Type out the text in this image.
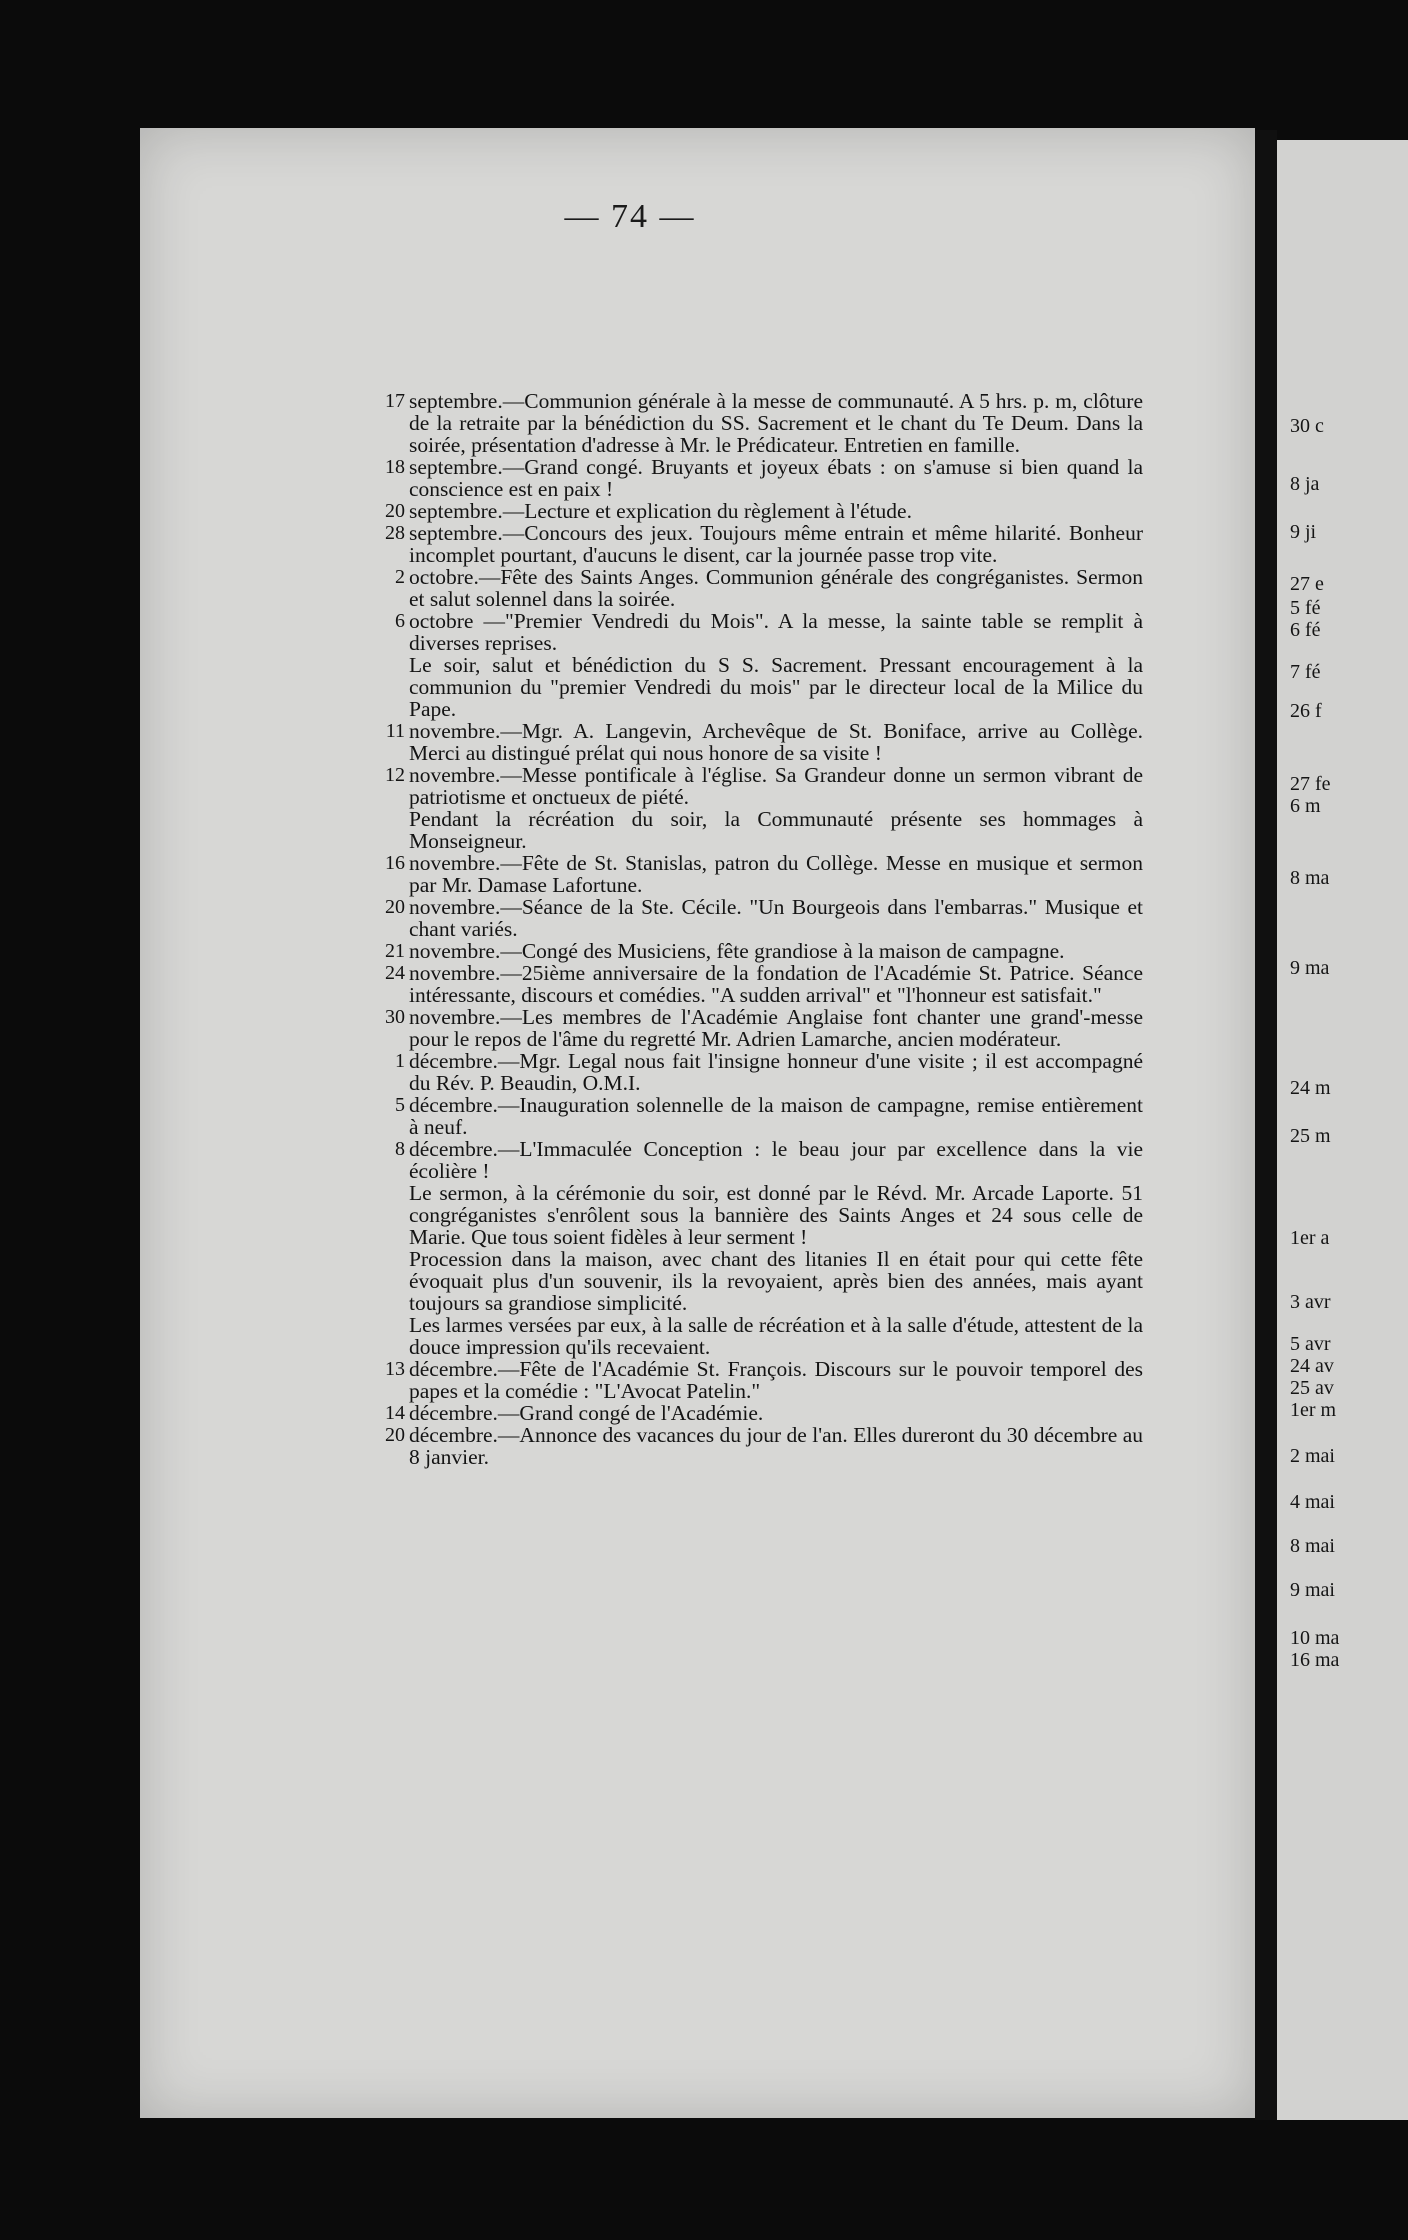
— 74 —
17 septembre.—Communion générale à la messe de communauté. A 5 hrs. p. m, clôture de la retraite par la bénédiction du SS. Sacrement et le chant du Te Deum. Dans la soirée, présentation d'adresse à Mr. le Prédicateur. Entretien en famille.

18 septembre.—Grand congé. Bruyants et joyeux ébats : on s'amuse si bien quand la conscience est en paix !

20 septembre.—Lecture et explication du règlement à l'étude.

28 septembre.—Concours des jeux. Toujours même entrain et même hilarité. Bonheur incomplet pourtant, d'aucuns le disent, car la journée passe trop vite.

2 octobre.—Fête des Saints Anges. Communion générale des congréganistes. Sermon et salut solennel dans la soirée.

6 octobre —"Premier Vendredi du Mois". A la messe, la sainte table se remplit à diverses reprises.

Le soir, salut et bénédiction du S S. Sacrement. Pressant encouragement à la communion du "premier Vendredi du mois" par le directeur local de la Milice du Pape.

11 novembre.—Mgr. A. Langevin, Archevêque de St. Boniface, arrive au Collège. Merci au distingué prélat qui nous honore de sa visite !

12 novembre.—Messe pontificale à l'église. Sa Grandeur donne un sermon vibrant de patriotisme et onctueux de piété.

Pendant la récréation du soir, la Communauté présente ses hommages à Monseigneur.

16 novembre.—Fête de St. Stanislas, patron du Collège. Messe en musique et sermon par Mr. Damase Lafortune.

20 novembre.—Séance de la Ste. Cécile. "Un Bourgeois dans l'embarras." Musique et chant variés.

21 novembre.—Congé des Musiciens, fête grandiose à la maison de campagne.

24 novembre.—25ième anniversaire de la fondation de l'Académie St. Patrice. Séance intéressante, discours et comédies. "A sudden arrival" et "l'honneur est satisfait."

30 novembre.—Les membres de l'Académie Anglaise font chanter une grand'-messe pour le repos de l'âme du regretté Mr. Adrien Lamarche, ancien modérateur.

1 décembre.—Mgr. Legal nous fait l'insigne honneur d'une visite ; il est accompagné du Rév. P. Beaudin, O.M.I.

5 décembre.—Inauguration solennelle de la maison de campagne, remise entièrement à neuf.

8 décembre.—L'Immaculée Conception : le beau jour par excellence dans la vie écolière !

Le sermon, à la cérémonie du soir, est donné par le Révd. Mr. Arcade Laporte. 51 congréganistes s'enrôlent sous la bannière des Saints Anges et 24 sous celle de Marie. Que tous soient fidèles à leur serment !

Procession dans la maison, avec chant des litanies Il en était pour qui cette fête évoquait plus d'un souvenir, ils la revoyaient, après bien des années, mais ayant toujours sa grandiose simplicité.

Les larmes versées par eux, à la salle de récréation et à la salle d'étude, attestent de la douce impression qu'ils recevaient.

13 décembre.—Fête de l'Académie St. François. Discours sur le pouvoir temporel des papes et la comédie : "L'Avocat Patelin."

14 décembre.—Grand congé de l'Académie.

20 décembre.—Annonce des vacances du jour de l'an. Elles dureront du 30 décembre au 8 janvier.

30 c
8 ja
9 ji
27 e
5 fé
6 fé
7 fé
26 f
27 fe
6 m
8 ma
9 ma
24 m
25 m
1er a
3 avr
5 avr
24 av
25 av
1er m
2 mai
4 mai
8 mai
9 mai
10 ma
16 ma
